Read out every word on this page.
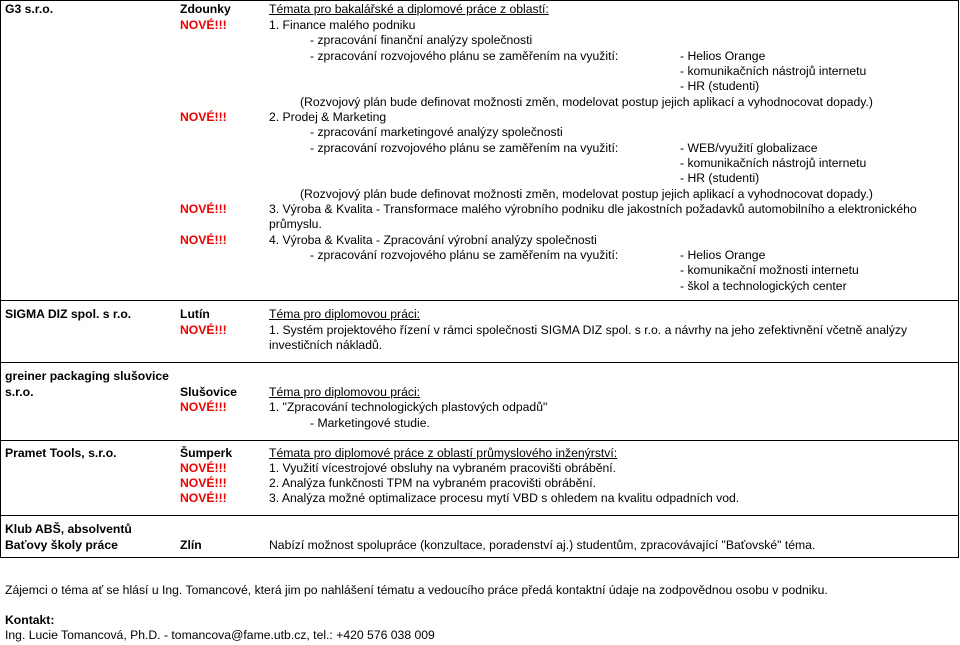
G3 s.r.o.	Zdounky	Témata pro bakalářské a diplomové práce z oblastí:
NOVÉ!!!	1. Finance malého podniku
- zpracování finanční analýzy společnosti
- zpracování rozvojového plánu se zaměřením na využití:	- Helios Orange
- komunikačních nástrojů internetu
- HR (studenti)
(Rozvojový plán bude definovat možnosti změn, modelovat postup jejich aplikací a vyhodnocovat dopady.)
NOVÉ!!!	2. Prodej & Marketing
- zpracování marketingové analýzy společnosti
- zpracování rozvojového plánu se zaměřením na využití:	- WEB/využití globalizace
- komunikačních nástrojů internetu
- HR (studenti)
(Rozvojový plán bude definovat možnosti změn, modelovat postup jejich aplikací a vyhodnocovat dopady.)
NOVÉ!!!	3. Výroba & Kvalita - Transformace malého výrobního podniku dle jakostních požadavků automobilního a elektronického
průmyslu.
NOVÉ!!!	4. Výroba & Kvalita - Zpracování výrobní analýzy společnosti
- zpracování rozvojového plánu se zaměřením na využití:	- Helios Orange
- komunikační možnosti internetu
- škol a technologických center
SIGMA DIZ spol. s r.o.	Lutín	Téma pro diplomovou práci:
NOVÉ!!!	1. Systém projektového řízení v rámci společnosti SIGMA DIZ spol. s r.o. a návrhy na jeho zefektivnění včetně analýzy
investičních nákladů.
greiner packaging slušovice
s.r.o.	Slušovice	Téma pro diplomovou práci:
NOVÉ!!!	1. "Zpracování technologických plastových odpadů"
- Marketingové studie.
Pramet Tools, s.r.o.	Šumperk	Témata pro diplomové práce z oblastí průmyslového inženýrství:
NOVÉ!!!	1. Využití vícestrojové obsluhy na vybraném pracovišti obrábění.
NOVÉ!!!	2. Analýza funkčnosti TPM na vybraném pracovišti obrábění.
NOVÉ!!!	3. Analýza možné optimalizace procesu mytí VBD s ohledem na kvalitu odpadních vod.
Klub ABŠ, absolventů
Baťovy školy práce	Zlín	Nabízí možnost spolupráce (konzultace, poradenství aj.) studentům, zpracovávající "Baťovské" téma.
Zájemci o téma ať se hlásí u Ing. Tomancové, která jim po nahlášení tématu a vedoucího práce předá kontaktní údaje na zodpovědnou osobu v podniku.
Kontakt:
Ing. Lucie Tomancová, Ph.D. - tomancova@fame.utb.cz, tel.: +420 576 038 009
